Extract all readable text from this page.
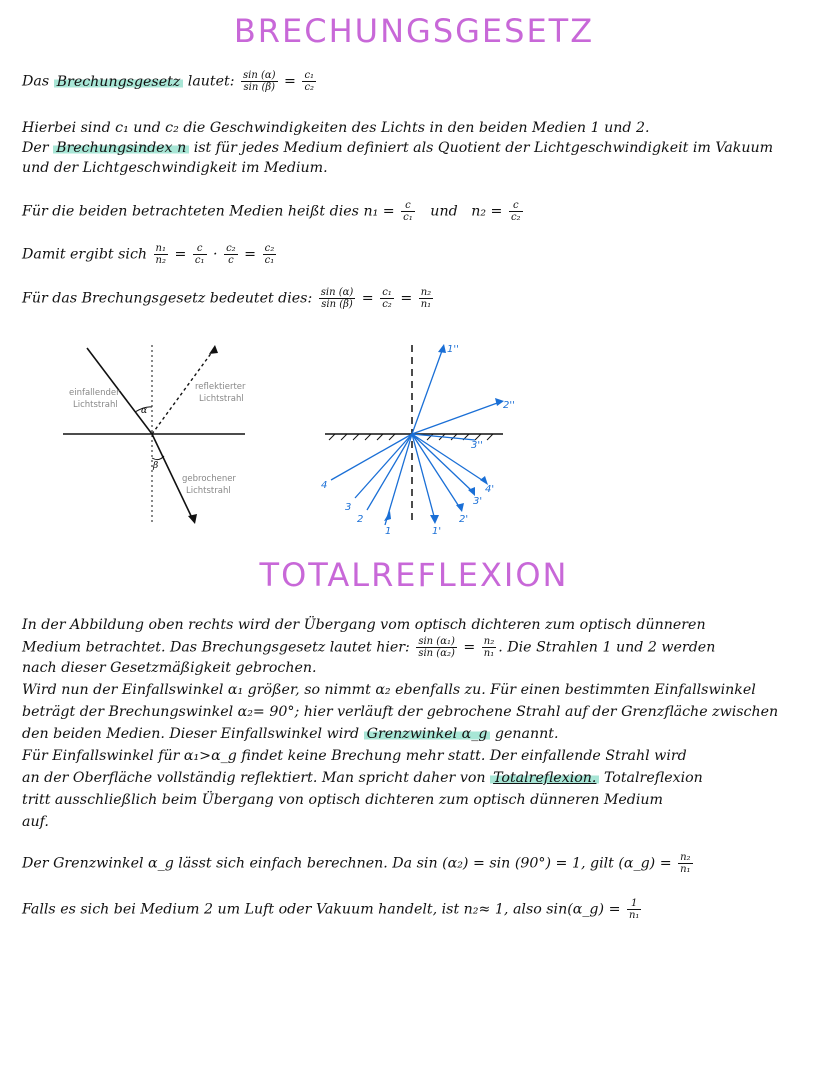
BRECHUNGSGESETZ
Das Brechungsgesetz lautet: $\frac{\sin (\alpha)}{\sin (\beta)} = \frac{\text{c₁}}{\text{c₂}}$
Hierbei sind c₁ und c₂ die Geschwindigkeiten des Lichts in den beiden Medien 1 und 2.
Der Brechungsindex n ist für jedes Medium definiert als Quotient der Lichtgeschwindigkeit im Vakuum
und der Lichtgeschwindigkeit im Medium.
Für die beiden betrachteten Medien heißt dies $n_1 = \frac{c}{\text{c₁}}$ und   $n_2 = \frac{c}{\text{c₂}}$
Damit ergibt sich $\frac{\text{n₁}}{\text{n₂}} = \frac{c}{\text{c₁}} \cdot \frac{\text{c₂}}{c} = \frac{\text{c₂}}{\text{c₁}}$
Für das Brechungsgesetz bedeutet dies: $\frac{\sin (\alpha)}{\sin (\beta)} = \frac{\text{c₁}}{\text{c₂}} = \frac{\text{n₂}}{\text{n₁}}$
α
β
einfallender
Lichtstrahl
reflektierter
Lichtstrahl
gebrochener
Lichtstrahl
1''
2''
3''
4
3
2
1	1'
2'
3'
4'
TOTALREFLEXION
In der Abbildung oben rechts wird der Übergang vom optisch dichteren zum optisch dünneren
Medium betrachtet. Das Brechungsgesetz lautet hier: $\frac{\text{sin (α₁)}}{\text{sin (α₂)}} = \frac{\text{n₂}}{\text{n₁}}$ . Die Strahlen 1 und 2 werden
nach dieser Gesetzmäßigkeit gebrochen.
Wird nun der Einfallswinkel α₁ größer, so nimmt α₂ ebenfalls zu. Für einen bestimmten Einfallswinkel
beträgt der Brechungswinkel α₂= 90°; hier verläuft der gebrochene Strahl auf der Grenzfläche zwischen
den beiden Medien. Dieser Einfallswinkel wird Grenzwinkel α_g genannt.
Für Einfallswinkel für α₁>α_g findet keine Brechung mehr statt. Der einfallende Strahl wird
an der Oberfläche vollständig reflektiert. Man spricht daher von Totalreflexion. Totalreflexion
tritt ausschließlich beim Übergang von optisch dichteren zum optisch dünneren Medium
auf.
Der Grenzwinkel α_g lässt sich einfach berechnen. Da sin (α₂) = sin (90°) = 1, gilt (α_g) = $\frac{\text{n₂}}{\text{n₁}}$
Falls es sich bei Medium 2 um Luft oder Vakuum handelt, ist n₂≈ 1, also sin(α_g) = $\frac{1}{\text{n₁}}$
